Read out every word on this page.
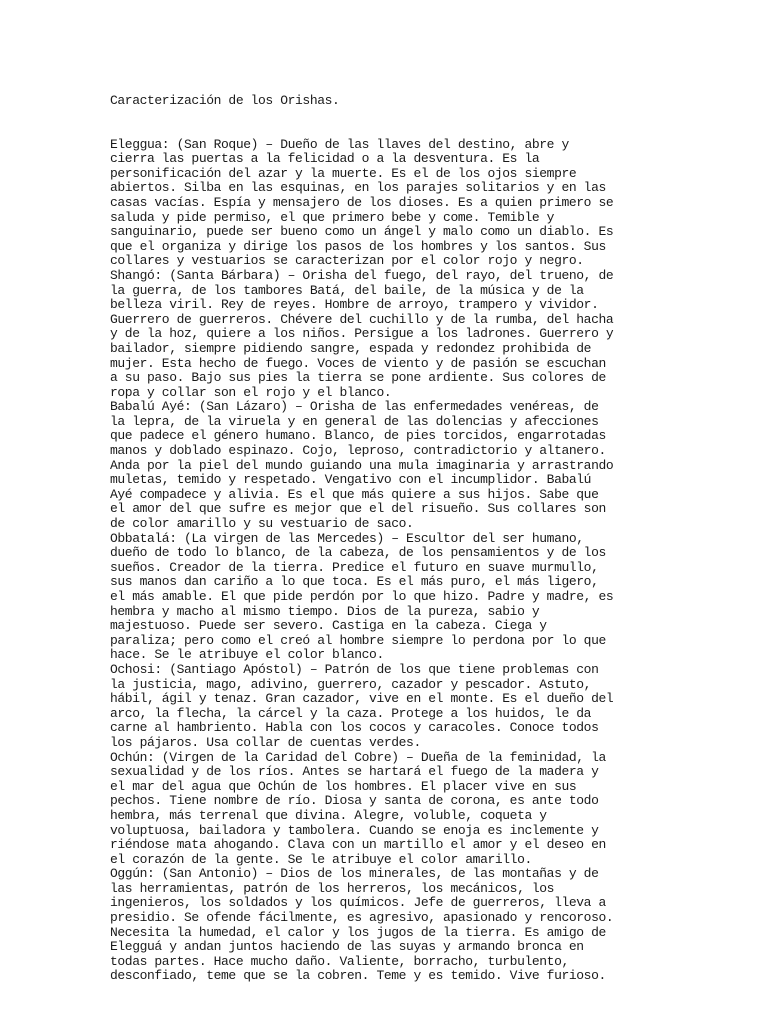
Caracterización de los Orishas.

Eleggua: (San Roque) – Dueño de las llaves del destino, abre y

cierra las puertas a la felicidad o a la desventura. Es la

personificación del azar y la muerte. Es el de los ojos siempre

abiertos. Silba en las esquinas, en los parajes solitarios y en las

casas vacías. Espía y mensajero de los dioses. Es a quien primero se

saluda y pide permiso, el que primero bebe y come. Temible y

sanguinario, puede ser bueno como un ángel y malo como un diablo. Es

que el organiza y dirige los pasos de los hombres y los santos. Sus

collares y vestuarios se caracterizan por el color rojo y negro.

Shangó: (Santa Bárbara) – Orisha del fuego, del rayo, del trueno, de

la guerra, de los tambores Batá, del baile, de la música y de la

belleza viril. Rey de reyes. Hombre de arroyo, trampero y vividor.

Guerrero de guerreros. Chévere del cuchillo y de la rumba, del hacha

y de la hoz, quiere a los niños. Persigue a los ladrones. Guerrero y

bailador, siempre pidiendo sangre, espada y redondez prohibida de

mujer. Esta hecho de fuego. Voces de viento y de pasión se escuchan

a su paso. Bajo sus pies la tierra se pone ardiente. Sus colores de

ropa y collar son el rojo y el blanco.

Babalú Ayé: (San Lázaro) – Orisha de las enfermedades venéreas, de

la lepra, de la viruela y en general de las dolencias y afecciones

que padece el género humano. Blanco, de pies torcidos, engarrotadas

manos y doblado espinazo. Cojo, leproso, contradictorio y altanero.

Anda por la piel del mundo guiando una mula imaginaria y arrastrando

muletas, temido y respetado. Vengativo con el incumplidor. Babalú

Ayé compadece y alivia. Es el que más quiere a sus hijos. Sabe que

el amor del que sufre es mejor que el del risueño. Sus collares son

de color amarillo y su vestuario de saco.

Obbatalá: (La virgen de las Mercedes) – Escultor del ser humano,

dueño de todo lo blanco, de la cabeza, de los pensamientos y de los

sueños. Creador de la tierra. Predice el futuro en suave murmullo,

sus manos dan cariño a lo que toca. Es el más puro, el más ligero,

el más amable. El que pide perdón por lo que hizo. Padre y madre, es

hembra y macho al mismo tiempo. Dios de la pureza, sabio y

majestuoso. Puede ser severo. Castiga en la cabeza. Ciega y

paraliza; pero como el creó al hombre siempre lo perdona por lo que

hace. Se le atribuye el color blanco.

Ochosi: (Santiago Apóstol) – Patrón de los que tiene problemas con

la justicia, mago, adivino, guerrero, cazador y pescador. Astuto,

hábil, ágil y tenaz. Gran cazador, vive en el monte. Es el dueño del

arco, la flecha, la cárcel y la caza. Protege a los huidos, le da

carne al hambriento. Habla con los cocos y caracoles. Conoce todos

los pájaros. Usa collar de cuentas verdes.

Ochún: (Virgen de la Caridad del Cobre) – Dueña de la feminidad, la

sexualidad y de los ríos. Antes se hartará el fuego de la madera y

el mar del agua que Ochún de los hombres. El placer vive en sus

pechos. Tiene nombre de río. Diosa y santa de corona, es ante todo

hembra, más terrenal que divina. Alegre, voluble, coqueta y

voluptuosa, bailadora y tambolera. Cuando se enoja es inclemente y

riéndose mata ahogando. Clava con un martillo el amor y el deseo en

el corazón de la gente. Se le atribuye el color amarillo.

Oggún: (San Antonio) – Dios de los minerales, de las montañas y de

las herramientas, patrón de los herreros, los mecánicos, los

ingenieros, los soldados y los químicos. Jefe de guerreros, lleva a

presidio. Se ofende fácilmente, es agresivo, apasionado y rencoroso.

Necesita la humedad, el calor y los jugos de la tierra. Es amigo de

Elegguá y andan juntos haciendo de las suyas y armando bronca en

todas partes. Hace mucho daño. Valiente, borracho, turbulento,

desconfiado, teme que se la cobren. Teme y es temido. Vive furioso.
